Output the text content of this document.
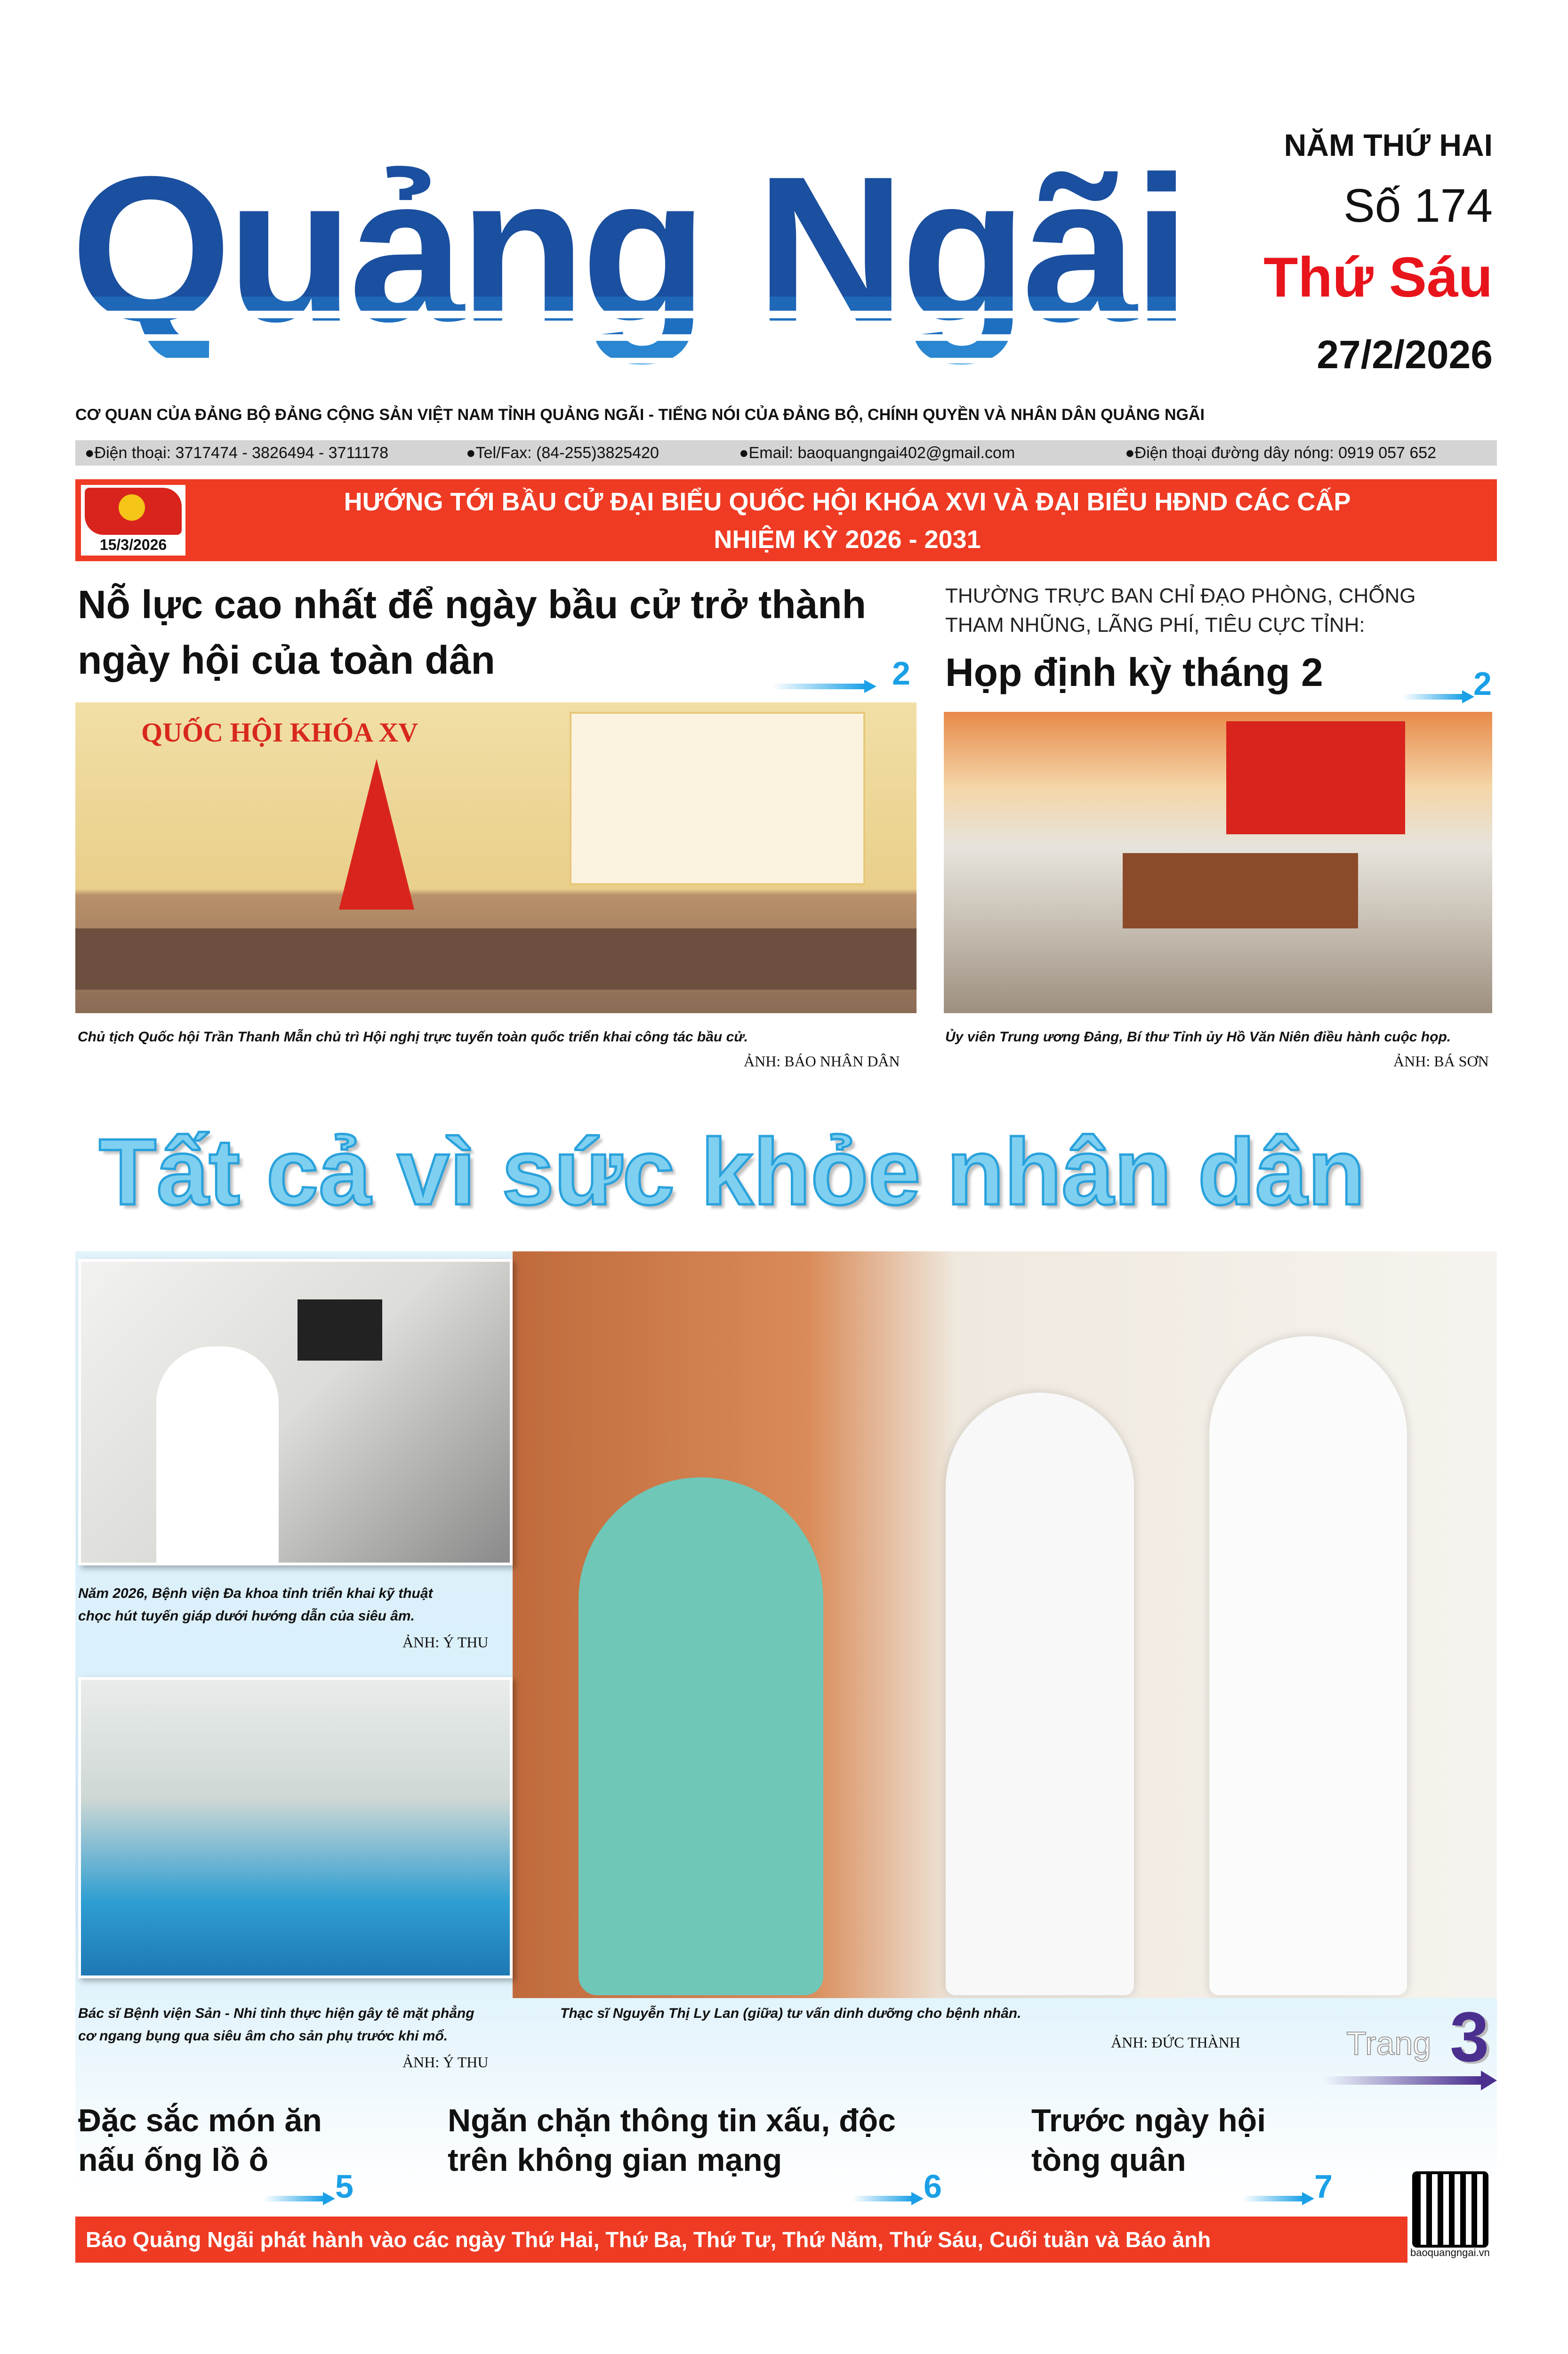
Quảng Ngãi	NĂM THỨ HAI
Số 174
Thứ Sáu
27/2/2026
CƠ QUAN CỦA ĐẢNG BỘ ĐẢNG CỘNG SẢN VIỆT NAM TỈNH QUẢNG NGÃI - TIẾNG NÓI CỦA ĐẢNG BỘ, CHÍNH QUYỀN VÀ NHÂN DÂN QUẢNG NGÃI
●Điện thoại: 3717474 - 3826494 - 3711178	●Tel/Fax: (84-255)3825420	●Email: baoquangngai402@gmail.com	●Điện thoại đường dây nóng: 0919 057 652
15/3/2026
HƯỚNG TỚI BẦU CỬ ĐẠI BIỂU QUỐC HỘI KHÓA XVI VÀ ĐẠI BIỂU HĐND CÁC CẤP
NHIỆM KỲ 2026 - 2031
Nỗ lực cao nhất để ngày bầu cử trở thành
ngày hội của toàn dân	2
QUỐC HỘI KHÓA XV
THƯỜNG TRỰC BAN CHỈ ĐẠO PHÒNG, CHỐNG
THAM NHŨNG, LÃNG PHÍ, TIÊU CỰC TỈNH:
Họp định kỳ tháng 2	2
Chủ tịch Quốc hội Trần Thanh Mẫn chủ trì Hội nghị trực tuyến toàn quốc triển khai công tác bầu cử.
ẢNH: BÁO NHÂN DÂN
Ủy viên Trung ương Đảng, Bí thư Tỉnh ủy Hồ Văn Niên điều hành cuộc họp.
ẢNH: BÁ SƠN
Tất cả vì sức khỏe nhân dân
Năm 2026, Bệnh viện Đa khoa tỉnh triển khai kỹ thuật
chọc hút tuyến giáp dưới hướng dẫn của siêu âm.
ẢNH: Ý THU
Bác sĩ Bệnh viện Sản - Nhi tỉnh thực hiện gây tê mặt phẳng
cơ ngang bụng qua siêu âm cho sản phụ trước khi mổ.
ẢNH: Ý THU
Thạc sĩ Nguyễn Thị Ly Lan (giữa) tư vấn dinh dưỡng cho bệnh nhân.
ẢNH: ĐỨC THÀNH	Trang 3
Đặc sắc món ăn
nấu ống lồ ô
5
Ngăn chặn thông tin xấu, độc
trên không gian mạng
6
Trước ngày hội
tòng quân
7
Báo Quảng Ngãi phát hành vào các ngày Thứ Hai, Thứ Ba, Thứ Tư, Thứ Năm, Thứ Sáu, Cuối tuần và Báo ảnh
baoquangngai.vn
